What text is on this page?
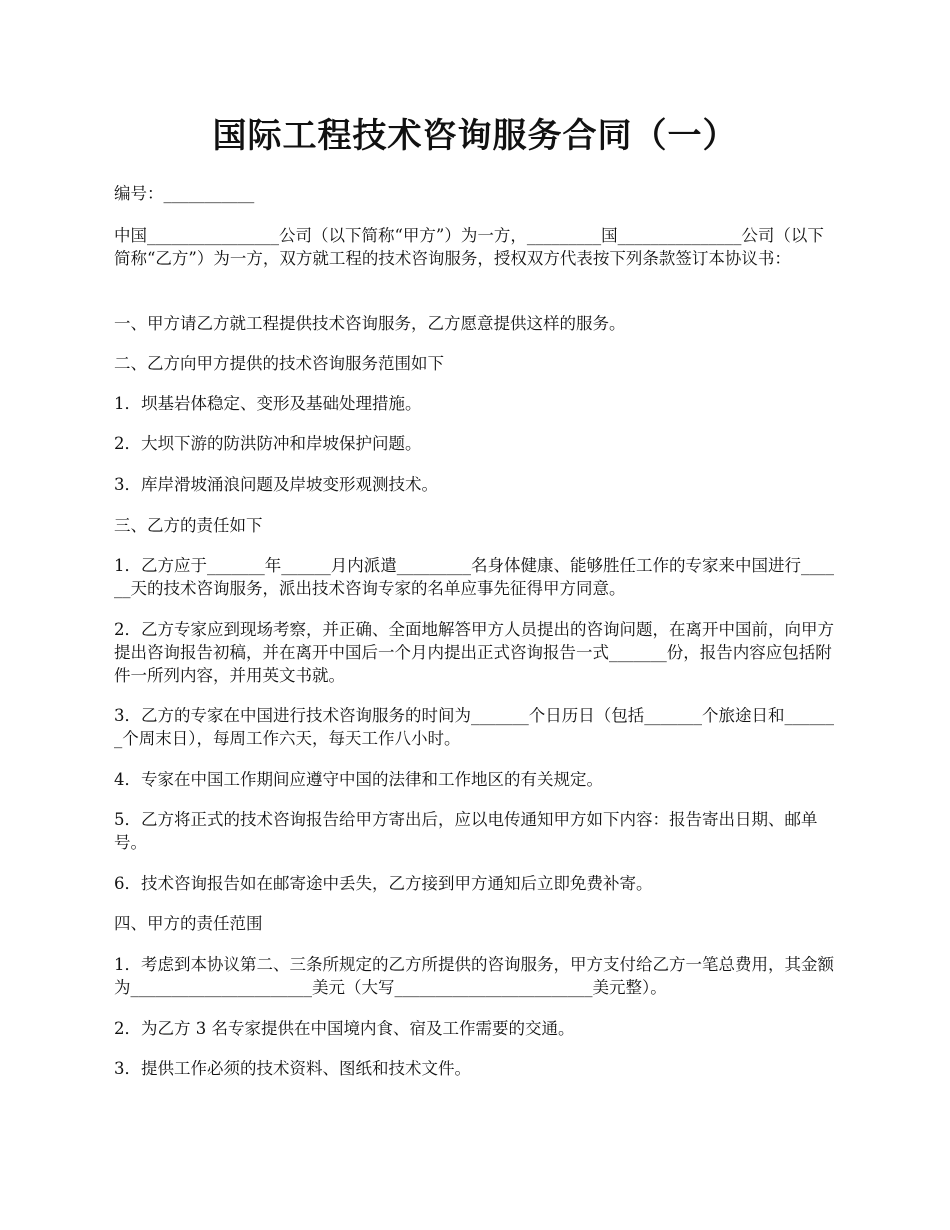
国际工程技术咨询服务合同（一）

编号：___________

中国________________公司（以下简称“甲方”）为一方，_________国_______________公司（以下简称“乙方”）为一方，双方就工程的技术咨询服务，授权双方代表按下列条款签订本协议书：

一、甲方请乙方就工程提供技术咨询服务，乙方愿意提供这样的服务。

二、乙方向甲方提供的技术咨询服务范围如下

1．坝基岩体稳定、变形及基础处理措施。

2．大坝下游的防洪防冲和岸坡保护问题。

3．库岸滑坡涌浪问题及岸坡变形观测技术。

三、乙方的责任如下

1．乙方应于_______年______月内派遣_________名身体健康、能够胜任工作的专家来中国进行______天的技术咨询服务，派出技术咨询专家的名单应事先征得甲方同意。

2．乙方专家应到现场考察，并正确、全面地解答甲方人员提出的咨询问题，在离开中国前，向甲方提出咨询报告初稿，并在离开中国后一个月内提出正式咨询报告一式_______份，报告内容应包括附件一所列内容，并用英文书就。

3．乙方的专家在中国进行技术咨询服务的时间为_______个日历日（包括_______个旅途日和_______个周末日），每周工作六天，每天工作八小时。

4．专家在中国工作期间应遵守中国的法律和工作地区的有关规定。

5．乙方将正式的技术咨询报告给甲方寄出后，应以电传通知甲方如下内容：报告寄出日期、邮单号。

6．技术咨询报告如在邮寄途中丢失，乙方接到甲方通知后立即免费补寄。

四、甲方的责任范围

1．考虑到本协议第二、三条所规定的乙方所提供的咨询服务，甲方支付给乙方一笔总费用，其金额为______________________美元（大写________________________美元整）。

2．为乙方 3 名专家提供在中国境内食、宿及工作需要的交通。

3．提供工作必须的技术资料、图纸和技术文件。
